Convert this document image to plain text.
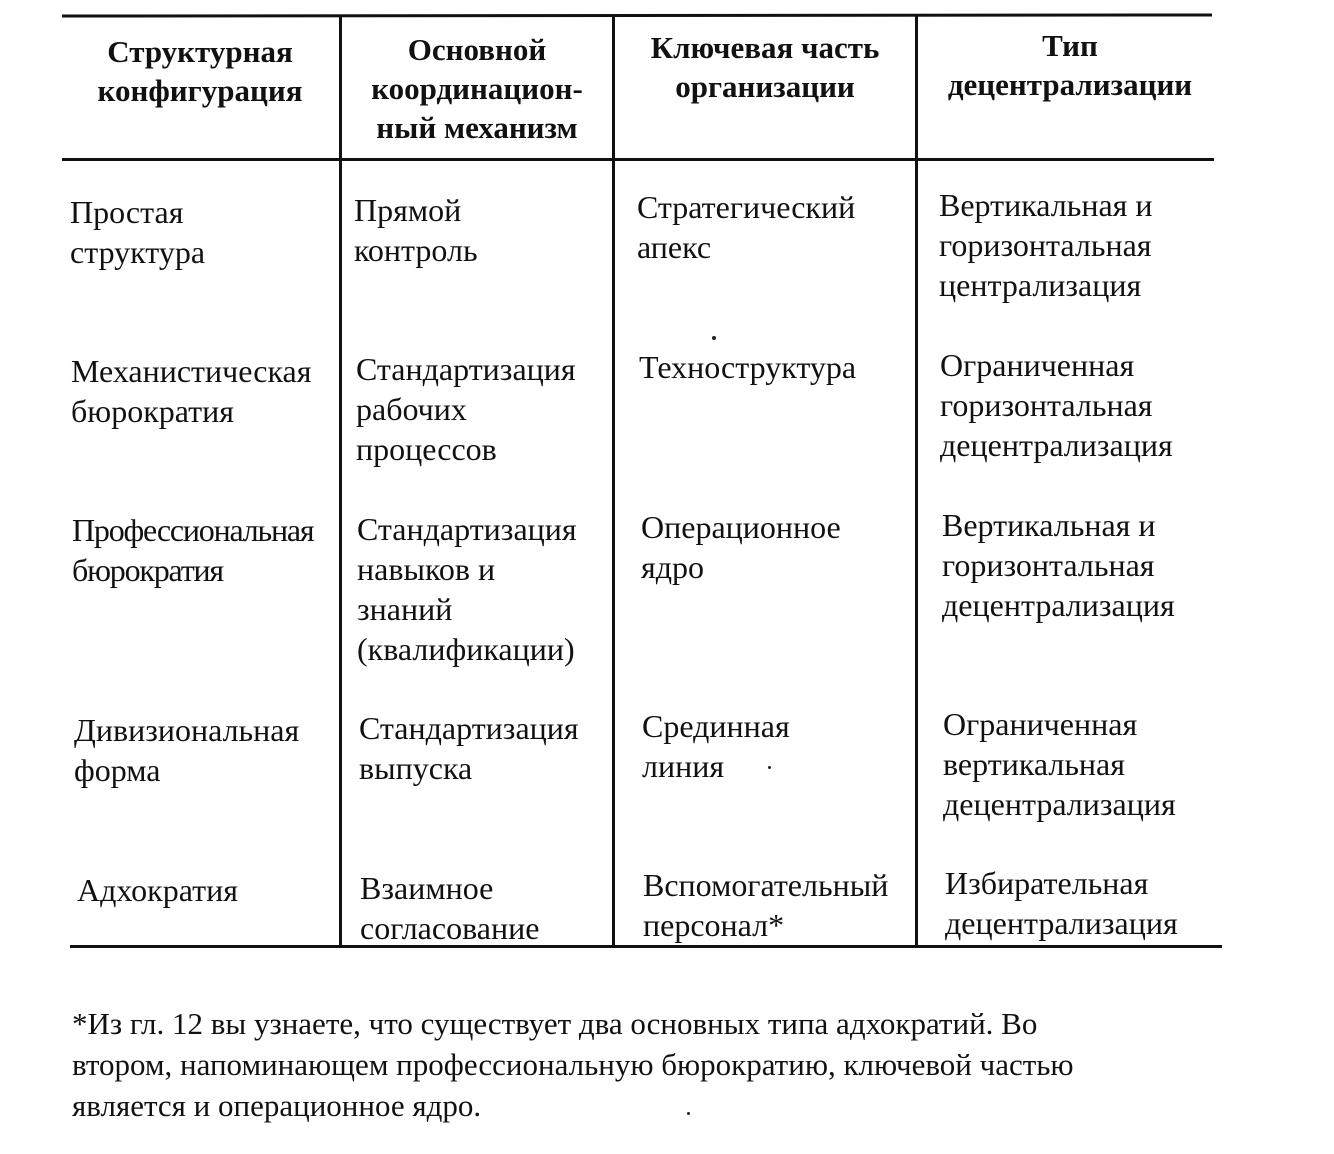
Структурная
конфигурация
Основной
координацион-
ный механизм
Ключевая часть
организации
Тип
децентрализации
Простая
структура
Прямой
контроль
Стратегический
апекс
Вертикальная и
горизонтальная
централизация
Механистическая
бюрократия
Стандартизация
рабочих
процессов
Техноструктура	Ограниченная
горизонтальная
децентрализация
Профессиональная
бюрократия
Стандартизация
навыков и
знаний
(квалификации)
Операционное
ядро
Вертикальная и
горизонтальная
децентрализация
Дивизиональная
форма
Стандартизация
выпуска
Срединная
линия
Ограниченная
вертикальная
децентрализация
Адхократия	Взаимное
согласование
Вспомогательный
персонал*
Избирательная
децентрализация
*Из гл. 12 вы узнаете, что существует два основных типа адхократий. Во
втором, напоминающем профессиональную бюрократию, ключевой частью
является и операционное ядро.
